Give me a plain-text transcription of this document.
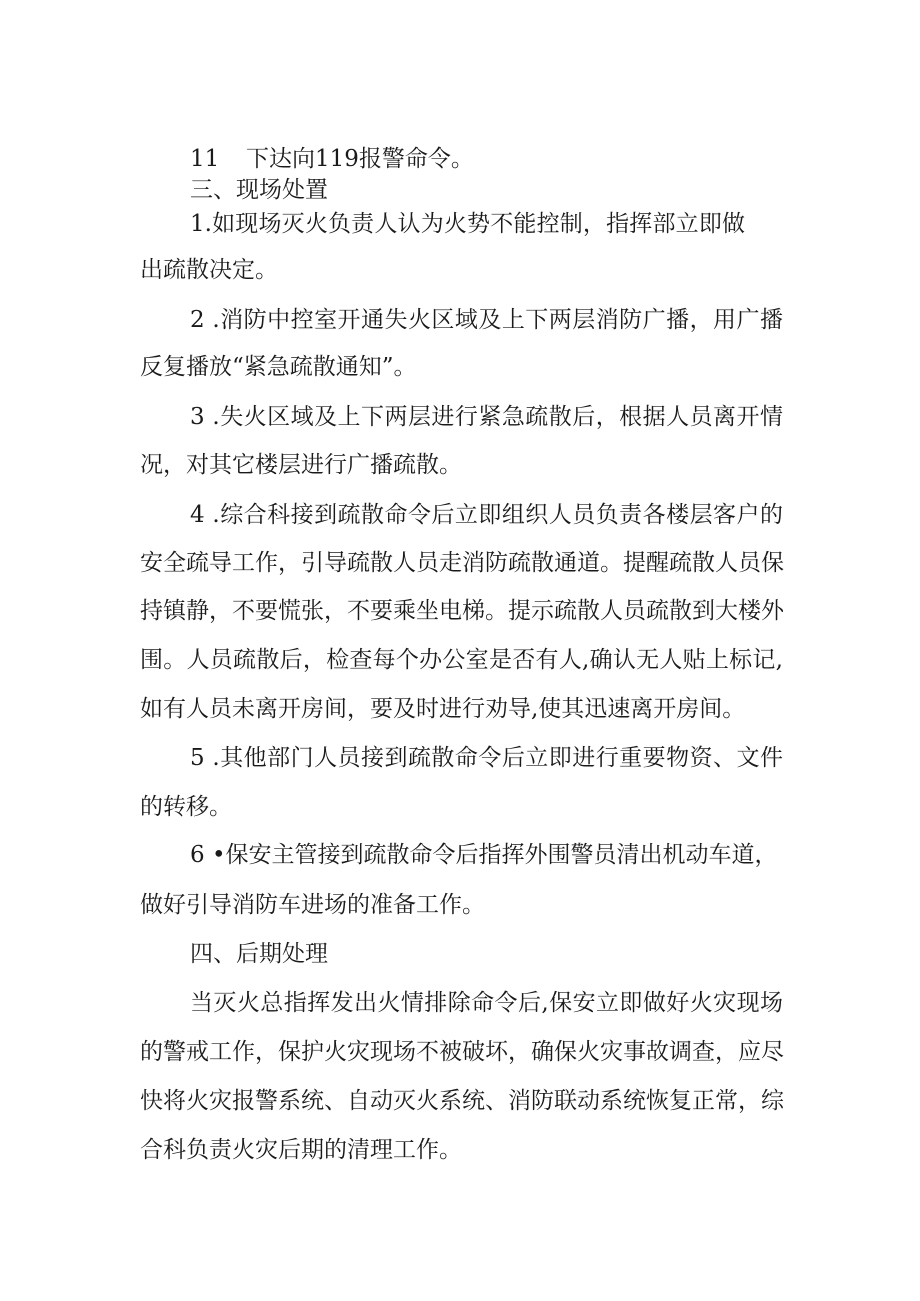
11 下达向119报警命令。
三、现场处置
1.如现场灭火负责人认为火势不能控制，指挥部立即做
出疏散决定。
2 .消防中控室开通失火区域及上下两层消防广播，用广播
反复播放“紧急疏散通知”。
3 .失火区域及上下两层进行紧急疏散后，根据人员离开情
况，对其它楼层进行广播疏散。
4 .综合科接到疏散命令后立即组织人员负责各楼层客户的
安全疏导工作，引导疏散人员走消防疏散通道。提醒疏散人员保
持镇静，不要慌张，不要乘坐电梯。提示疏散人员疏散到大楼外
围。人员疏散后，检查每个办公室是否有人,确认无人贴上标记,
如有人员未离开房间，要及时进行劝导,使其迅速离开房间。
5 .其他部门人员接到疏散命令后立即进行重要物资、文件
的转移。
6 •保安主管接到疏散命令后指挥外围警员清出机动车道，
做好引导消防车进场的准备工作。
四、后期处理
当灭火总指挥发出火情排除命令后,保安立即做好火灾现场
的警戒工作，保护火灾现场不被破坏，确保火灾事故调查，应尽
快将火灾报警系统、自动灭火系统、消防联动系统恢复正常，综
合科负责火灾后期的清理工作。
